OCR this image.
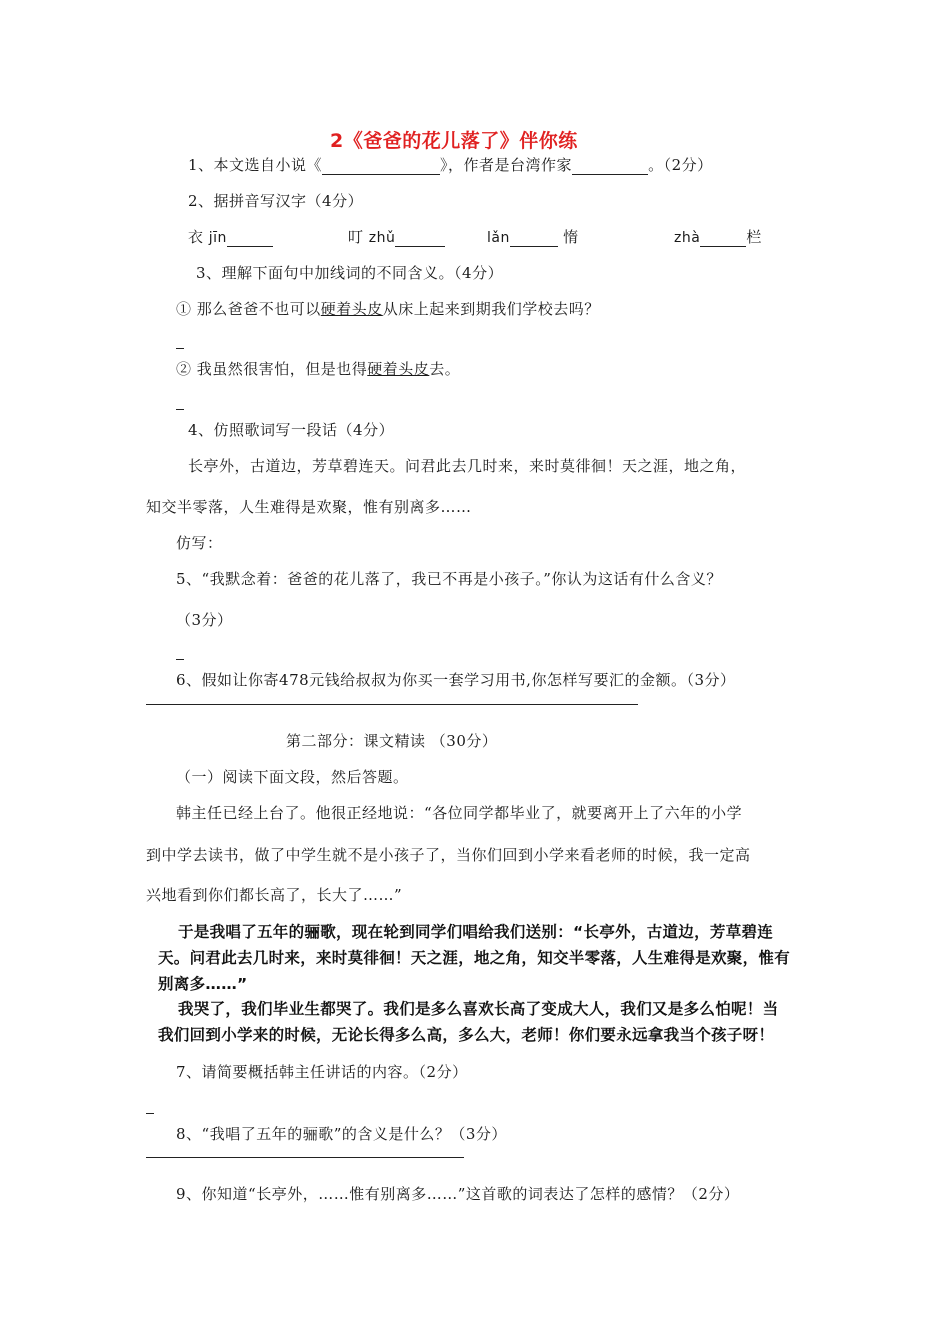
2《爸爸的花儿落了》伴你练
1、本文选自小说《	》，作者是台湾作家	。（2分）
2、据拼音写汉字（4分）
衣 jīn	叮 zhǔ	lǎn	惰	zhà	栏
3、理解下面句中加线词的不同含义。（4分）
① 那么爸爸不也可以硬着头皮从床上起来到期我们学校去吗？
② 我虽然很害怕，但是也得硬着头皮去。
4、仿照歌词写一段话（4分）
长亭外，古道边，芳草碧连天。问君此去几时来，来时莫徘徊！天之涯，地之角，
知交半零落，人生难得是欢聚，惟有别离多……
仿写：
5、“我默念着：爸爸的花儿落了，我已不再是小孩子。”你认为这话有什么含义？
（3分）
6、假如让你寄478元钱给叔叔为你买一套学习用书,你怎样写要汇的金额。（3分）
第二部分：课文精读 （30分）
（一）阅读下面文段，然后答题。
韩主任已经上台了。他很正经地说：“各位同学都毕业了，就要离开上了六年的小学
到中学去读书，做了中学生就不是小孩子了，当你们回到小学来看老师的时候，我一定高
兴地看到你们都长高了，长大了……”
于是我唱了五年的骊歌，现在轮到同学们唱给我们送别：“长亭外，古道边，芳草碧连
天。问君此去几时来，来时莫徘徊！天之涯，地之角，知交半零落，人生难得是欢聚，惟有
别离多……”
我哭了，我们毕业生都哭了。我们是多么喜欢长高了变成大人，我们又是多么怕呢！当
我们回到小学来的时候，无论长得多么高，多么大，老师！你们要永远拿我当个孩子呀！
7、请简要概括韩主任讲话的内容。（2分）
8、“我唱了五年的骊歌”的含义是什么？（3分）
9、你知道“长亭外，……惟有别离多……”这首歌的词表达了怎样的感情？（2分）
